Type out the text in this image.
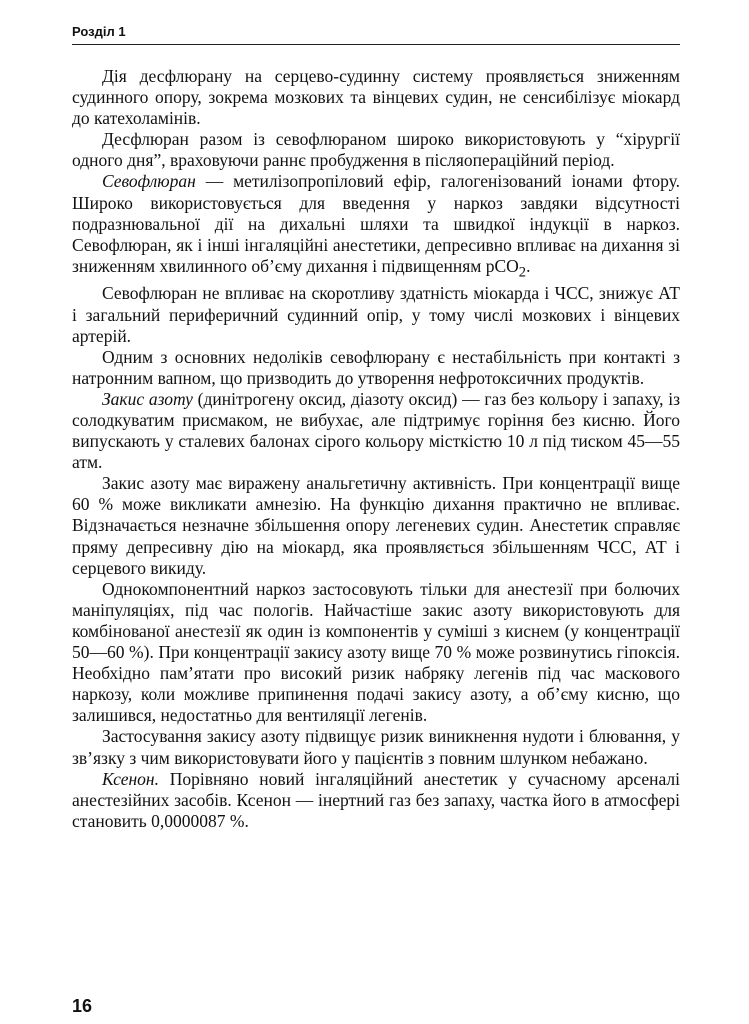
Розділ 1

Дія десфлюрану на серцево-судинну систему проявляється зниженням судинного опору, зокрема мозкових та вінцевих судин, не сенсибілізує міокард до катехоламінів.

Десфлюран разом із севофлюраном широко використовують у “хірургії одного дня”, враховуючи раннє пробудження в післяопераційний період.

Севофлюран — метилізопропіловий ефір, галогенізований іонами фтору. Широко використовується для введення у наркоз завдяки відсутності подразнювальної дії на дихальні шляхи та швидкої індукції в наркоз. Севофлюран, як і інші інгаляційні анестетики, депресивно впливає на дихання зі зниженням хвилинного об’єму дихання і підвищенням pCO$_2$.

Севофлюран не впливає на скоротливу здатність міокарда і ЧСС, знижує АТ і загальний периферичний судинний опір, у тому числі мозкових і вінцевих артерій.

Одним з основних недоліків севофлюрану є нестабільність при контакті з натронним вапном, що призводить до утворення нефротоксичних продуктів.

Закис азоту (динітрогену оксид, діазоту оксид) — газ без кольору і запаху, із солодкуватим присмаком, не вибухає, але підтримує горіння без кисню. Його випускають у сталевих балонах сірого кольору місткістю 10 л під тиском 45—55 атм.

Закис азоту має виражену анальгетичну активність. При концентрації вище 60 % може викликати амнезію. На функцію дихання практично не впливає. Відзначається незначне збільшення опору легеневих судин. Анестетик справляє пряму депресивну дію на міокард, яка проявляється збільшенням ЧСС, АТ і серцевого викиду.

Однокомпонентний наркоз застосовують тільки для анестезії при болючих маніпуляціях, під час пологів. Найчастіше закис азоту використовують для комбінованої анестезії як один із компонентів у суміші з киснем (у концентрації 50—60 %). При концентрації закису азоту вище 70 % може розвинутись гіпоксія. Необхідно пам’ятати про високий ризик набряку легенів під час маскового наркозу, коли можливе припинення подачі закису азоту, а об’єму кисню, що залишився, недостатньо для вентиляції легенів.

Застосування закису азоту підвищує ризик виникнення нудоти і блювання, у зв’язку з чим використовувати його у пацієнтів з повним шлунком небажано.

Ксенон. Порівняно новий інгаляційний анестетик у сучасному арсеналі анестезійних засобів. Ксенон — інертний газ без запаху, частка його в атмосфері становить 0,0000087 %.

16
